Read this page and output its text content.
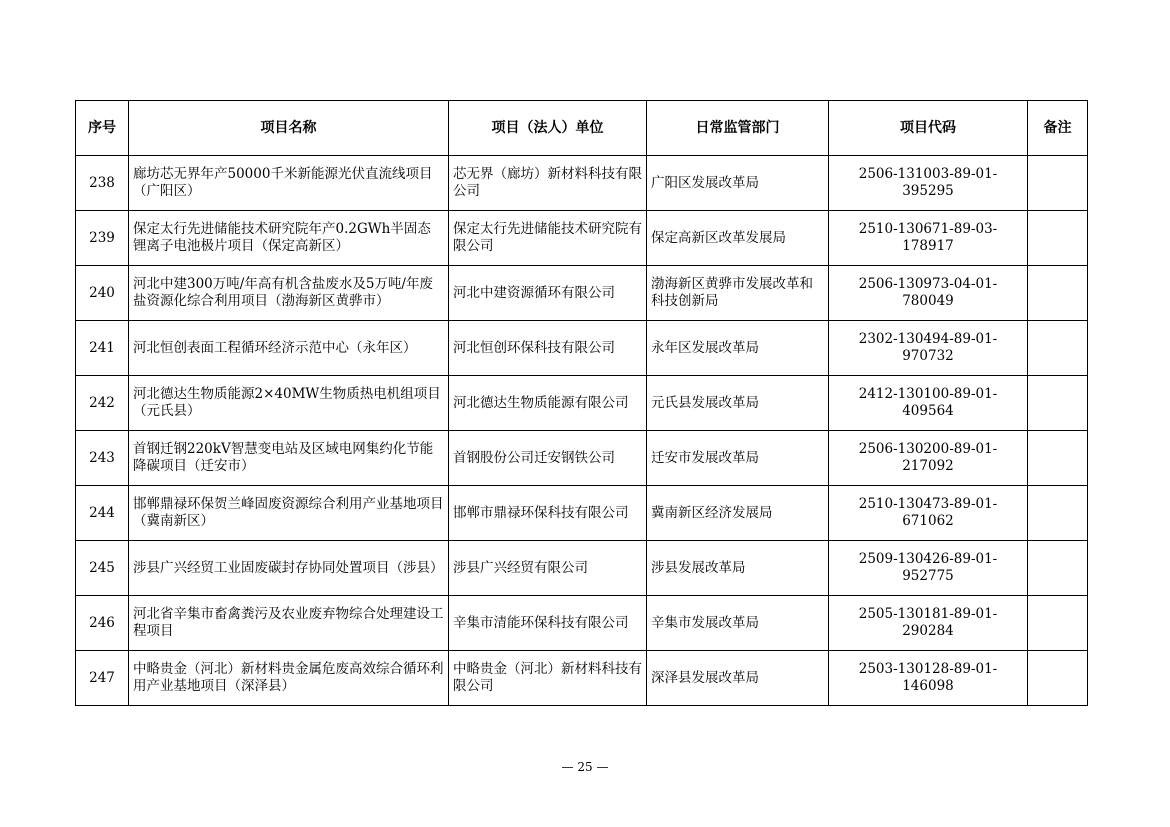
序号	项目名称	项目（法人）单位	日常监管部门	项目代码	备注
238	廊坊芯无界年产50000千米新能源光伏直流线项目（广阳区）	芯无界（廊坊）新材料科技有限公司	广阳区发展改革局	2506-131003-89-01-395295	
239	保定太行先进储能技术研究院年产0.2GWh半固态锂离子电池极片项目（保定高新区）	保定太行先进储能技术研究院有限公司	保定高新区改革发展局	2510-130671-89-03-178917	
240	河北中建300万吨/年高有机含盐废水及5万吨/年废盐资源化综合利用项目（渤海新区黄骅市）	河北中建资源循环有限公司	渤海新区黄骅市发展改革和科技创新局	2506-130973-04-01-780049	
241	河北恒创表面工程循环经济示范中心（永年区）	河北恒创环保科技有限公司	永年区发展改革局	2302-130494-89-01-970732	
242	河北德达生物质能源2×40MW生物质热电机组项目（元氏县）	河北德达生物质能源有限公司	元氏县发展改革局	2412-130100-89-01-409564	
243	首钢迁钢220kV智慧变电站及区域电网集约化节能降碳项目（迁安市）	首钢股份公司迁安钢铁公司	迁安市发展改革局	2506-130200-89-01-217092	
244	邯郸鼎禄环保贺兰峰固废资源综合利用产业基地项目（冀南新区）	邯郸市鼎禄环保科技有限公司	冀南新区经济发展局	2510-130473-89-01-671062	
245	涉县广兴经贸工业固废碳封存协同处置项目（涉县）	涉县广兴经贸有限公司	涉县发展改革局	2509-130426-89-01-952775	
246	河北省辛集市畜禽粪污及农业废弃物综合处理建设工程项目	辛集市清能环保科技有限公司	辛集市发展改革局	2505-130181-89-01-290284	
247	中略贵金（河北）新材料贵金属危废高效综合循环利用产业基地项目（深泽县）	中略贵金（河北）新材料科技有限公司	深泽县发展改革局	2503-130128-89-01-146098	
— 25 —
